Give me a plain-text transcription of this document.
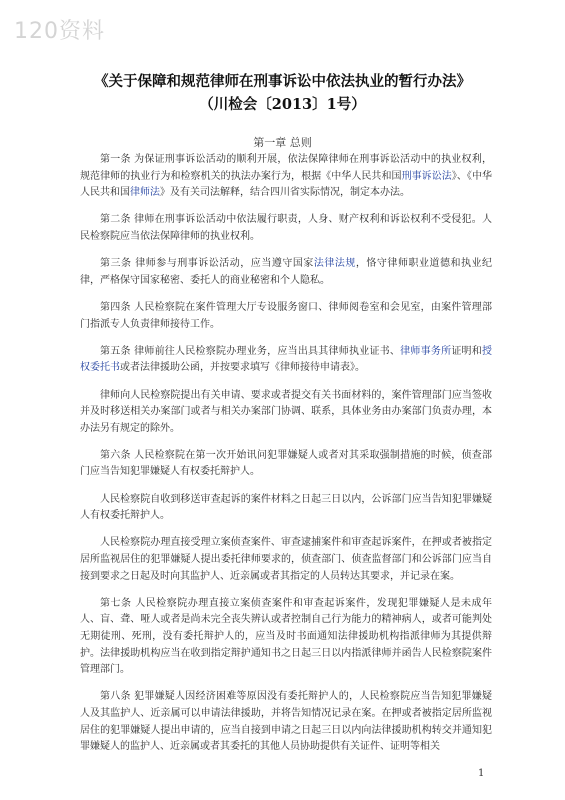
120资料
《关于保障和规范律师在刑事诉讼中依法执业的暂行办法》
（川检会〔2013〕1号）
第一章 总则

第一条 为保证刑事诉讼活动的顺利开展，依法保障律师在刑事诉讼活动中的执业权利，规范律师的执业行为和检察机关的执法办案行为，根据《中华人民共和国刑事诉讼法》、《中华人民共和国律师法》及有关司法解释，结合四川省实际情况，制定本办法。

第二条 律师在刑事诉讼活动中依法履行职责，人身、财产权利和诉讼权利不受侵犯。人民检察院应当依法保障律师的执业权利。

第三条 律师参与刑事诉讼活动，应当遵守国家法律法规，恪守律师职业道德和执业纪律，严格保守国家秘密、委托人的商业秘密和个人隐私。

第四条 人民检察院在案件管理大厅专设服务窗口、律师阅卷室和会见室，由案件管理部门指派专人负责律师接待工作。

第五条 律师前往人民检察院办理业务，应当出具其律师执业证书、律师事务所证明和授权委托书或者法律援助公函，并按要求填写《律师接待申请表》。

律师向人民检察院提出有关申请、要求或者提交有关书面材料的，案件管理部门应当签收并及时移送相关办案部门或者与相关办案部门协调、联系，具体业务由办案部门负责办理，本办法另有规定的除外。

第六条 人民检察院在第一次开始讯问犯罪嫌疑人或者对其采取强制措施的时候，侦查部门应当告知犯罪嫌疑人有权委托辩护人。

人民检察院自收到移送审查起诉的案件材料之日起三日以内，公诉部门应当告知犯罪嫌疑人有权委托辩护人。

人民检察院办理直接受理立案侦查案件、审查逮捕案件和审查起诉案件，在押或者被指定居所监视居住的犯罪嫌疑人提出委托律师要求的，侦查部门、侦查监督部门和公诉部门应当自接到要求之日起及时向其监护人、近亲属或者其指定的人员转达其要求，并记录在案。

第七条 人民检察院办理直接立案侦查案件和审查起诉案件，发现犯罪嫌疑人是未成年人、盲、聋、哑人或者是尚未完全丧失辨认或者控制自己行为能力的精神病人，或者可能判处无期徒刑、死刑，没有委托辩护人的，应当及时书面通知法律援助机构指派律师为其提供辩护。法律援助机构应当在收到指定辩护通知书之日起三日以内指派律师并函告人民检察院案件管理部门。

第八条 犯罪嫌疑人因经济困难等原因没有委托辩护人的，人民检察院应当告知犯罪嫌疑人及其监护人、近亲属可以申请法律援助，并将告知情况记录在案。在押或者被指定居所监视居住的犯罪嫌疑人提出申请的，应当自接到申请之日起三日以内向法律援助机构转交并通知犯罪嫌疑人的监护人、近亲属或者其委托的其他人员协助提供有关证件、证明等相关

1
